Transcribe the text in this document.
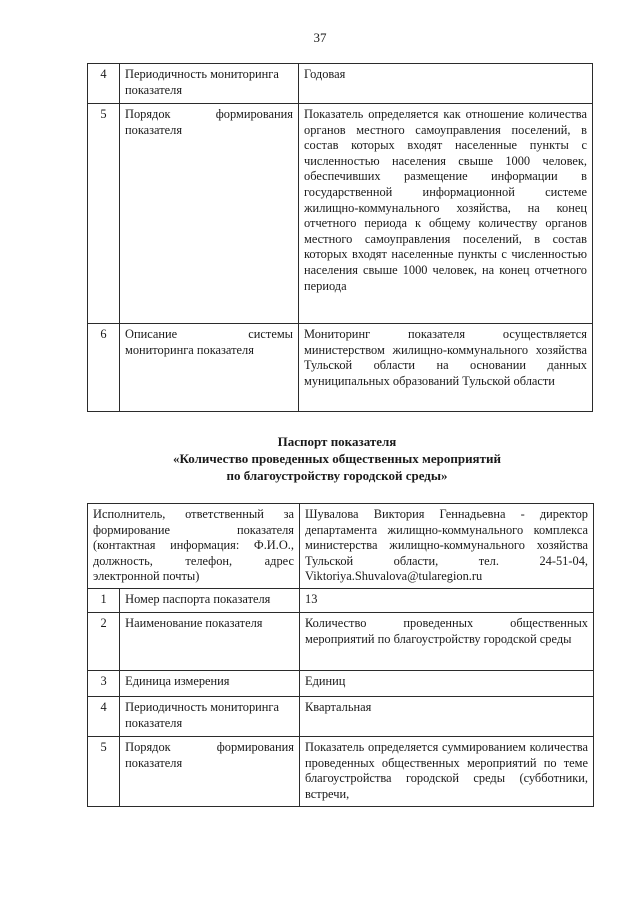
37
4	Периодичность мониторинга показателя	Годовая
5	Порядок формирования показателя	Показатель определяется как отношение количества органов местного самоуправления поселений, в состав которых входят населенные пункты с численностью населения свыше 1000 человек, обеспечивших размещение информации в государственной информационной системе жилищно-коммунального хозяйства, на конец отчетного периода к общему количеству органов местного самоуправления поселений, в состав которых входят населенные пункты с численностью населения свыше 1000 человек, на конец отчетного периода
6	Описание системы мониторинга показателя	Мониторинг показателя осуществляется министерством жилищно-коммунального хозяйства Тульской области на основании данных муниципальных образований Тульской области
Паспорт показателя
«Количество проведенных общественных мероприятий
по благоустройству городской среды»
Исполнитель, ответственный за формирование показателя (контактная информация: Ф.И.О., должность, телефон, адрес электронной почты)		Шувалова Виктория Геннадьевна - директор департамента жилищно-коммунального комплекса министерства жилищно-коммунального хозяйства Тульской области, тел. 24-51-04, Viktoriya.Shuvalova@tularegion.ru
1	Номер паспорта показателя	13
2	Наименование показателя	Количество проведенных общественных мероприятий по благоустройству городской среды
3	Единица измерения	Единиц
4	Периодичность мониторинга показателя	Квартальная
5	Порядок формирования показателя	Показатель определяется суммированием количества проведенных общественных мероприятий по теме благоустройства городской среды (субботники, встречи,
